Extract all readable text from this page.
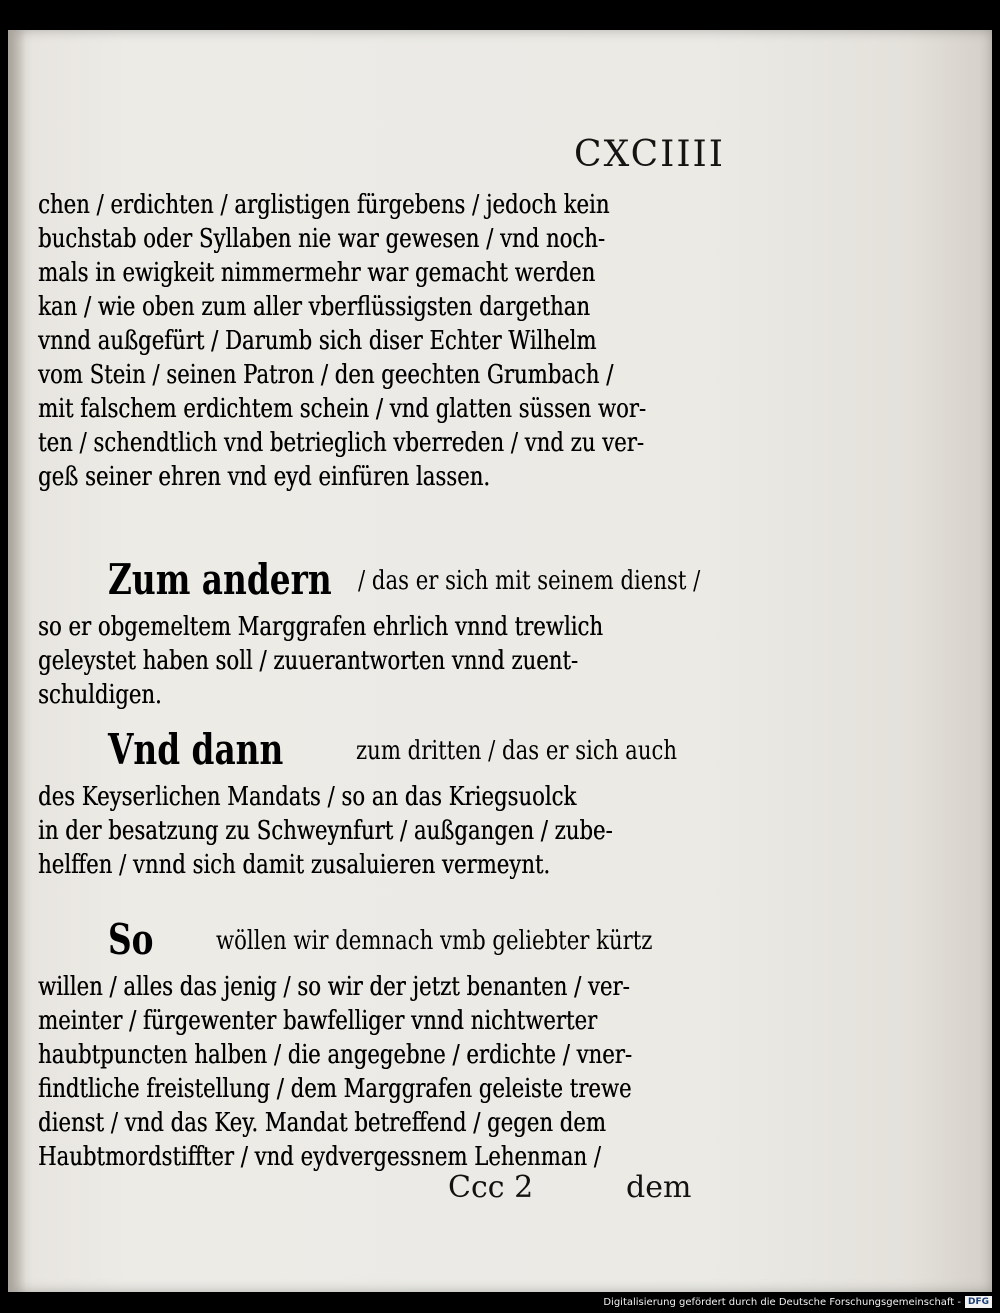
CXCIIII
chen / erdichten / arglistigen fürgebens / jedoch kein
buchstab oder Syllaben nie war gewesen / vnd noch-
mals in ewigkeit nimmermehr war gemacht werden
kan / wie oben zum aller vberflüssigsten dargethan
vnnd außgefürt / Darumb sich diser Echter Wilhelm
vom Stein / seinen Patron / den geechten Grumbach /
mit falschem erdichtem schein / vnd glatten süssen wor-
ten / schendtlich vnd betrieglich vberreden / vnd zu ver-
geß seiner ehren vnd eyd einfüren lassen.
Zum andern / das er sich mit seinem dienst /
so er obgemeltem Marggrafen ehrlich vnnd trewlich
geleystet haben soll / zuuerantworten vnnd zuent-
schuldigen.
Vnd dann	zum dritten / das er sich auch
des Keyserlichen Mandats / so an das Kriegsuolck
in der besatzung zu Schweynfurt / außgangen / zube-
helffen / vnnd sich damit zusaluieren vermeynt.
So wöllen wir demnach vmb geliebter kürtz
willen / alles das jenig / so wir der jetzt benanten / ver-
meinter / fürgewenter bawfelliger vnnd nichtwerter
haubtpuncten halben / die angegebne / erdichte / vner-
findtliche freistellung / dem Marggrafen geleiste trewe
dienst / vnd das Key. Mandat betreffend / gegen dem
Haubtmordstiffter / vnd eydvergessnem Lehenman /
Ccc 2	dem
Digitalisierung gefördert durch die Deutsche Forschungsgemeinschaft - DFG
